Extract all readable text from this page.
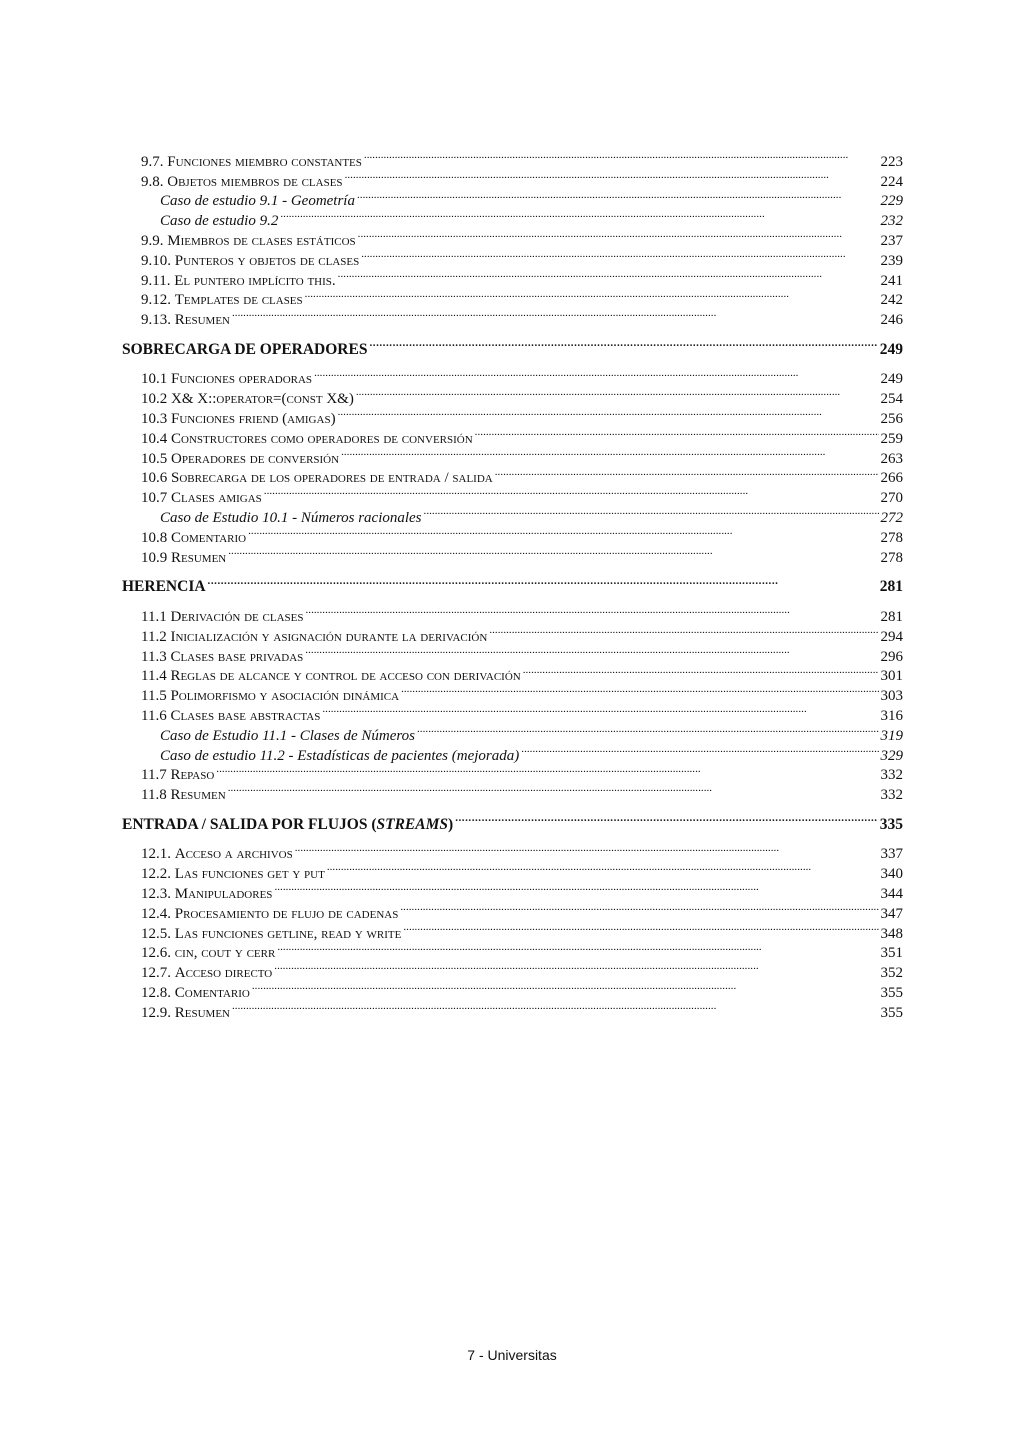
9.7. Funciones miembro constantes . . .	223
9.8. Objetos miembros de clases . . .	224
Caso de estudio 9.1 - Geometría . . .	229
Caso de estudio 9.2 . . .	232
9.9. Miembros de clases estáticos . . .	237
9.10. Punteros y objetos de clases . . .	239
9.11. El puntero implícito this. . . .	241
9.12. Templates de clases . . .	242
9.13. Resumen . . .	246
SOBRECARGA DE OPERADORES . . .	249
10.1 Funciones operadoras . . .	249
10.2 X& X::operator=(const X&) . . .	254
10.3 Funciones friend (amigas) . . .	256
10.4 Constructores como operadores de conversión . . .	259
10.5 Operadores de conversión . . .	263
10.6 Sobrecarga de los operadores de entrada / salida . . .	266
10.7 Clases amigas . . .	270
Caso de Estudio 10.1 - Números racionales . . .	272
10.8 Comentario . . .	278
10.9 Resumen . . .	278
HERENCIA . . .	281
11.1 Derivación de clases . . .	281
11.2 Inicialización y asignación durante la derivación . . .	294
11.3 Clases base privadas . . .	296
11.4 Reglas de alcance y control de acceso con derivación . . .	301
11.5 Polimorfismo y asociación dinámica . . .	303
11.6 Clases base abstractas . . .	316
Caso de Estudio 11.1 - Clases de Números . . .	319
Caso de estudio 11.2 - Estadísticas de pacientes (mejorada) . . .	329
11.7 Repaso . . .	332
11.8 Resumen . . .	332
ENTRADA / SALIDA POR FLUJOS (STREAMS) . . .	335
12.1. Acceso a archivos . . .	337
12.2. Las funciones get y put . . .	340
12.3. Manipuladores . . .	344
12.4. Procesamiento de flujo de cadenas . . .	347
12.5. Las funciones getline, read y write . . .	348
12.6. cin, cout y cerr . . .	351
12.7. Acceso directo . . .	352
12.8. Comentario . . .	355
12.9. Resumen . . .	355
7 - Universitas
